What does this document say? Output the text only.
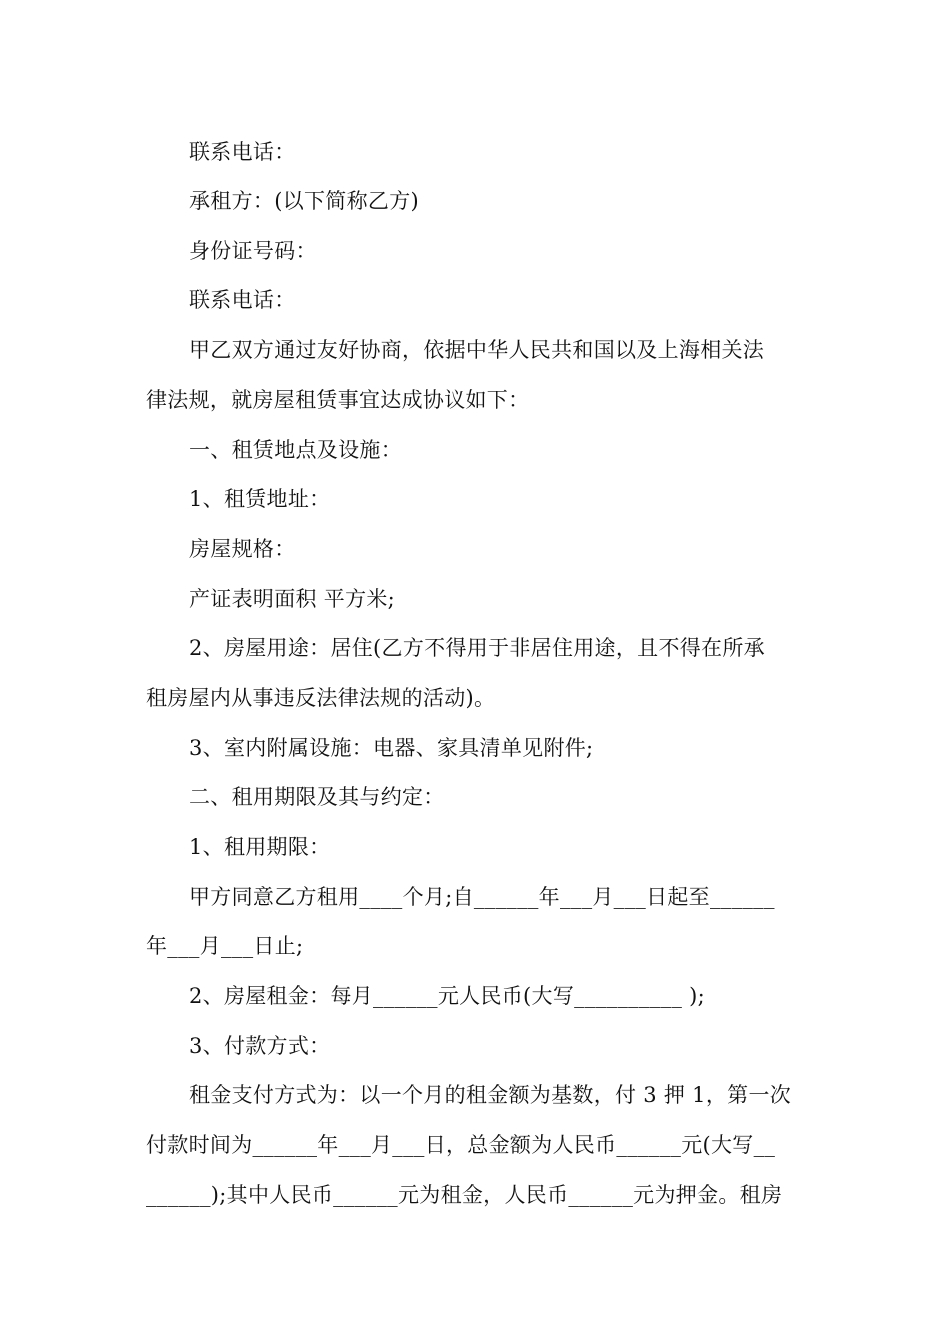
联系电话：
承租方：(以下简称乙方)
身份证号码：
联系电话：
甲乙双方通过友好协商，依据中华人民共和国以及上海相关法
律法规，就房屋租赁事宜达成协议如下：
一、租赁地点及设施：
1、租赁地址：
房屋规格：
产证表明面积 平方米;
2、房屋用途：居住(乙方不得用于非居住用途，且不得在所承
租房屋内从事违反法律法规的活动)。
3、室内附属设施：电器、家具清单见附件;
二、租用期限及其与约定：
1、租用期限：
甲方同意乙方租用____个月;自______年___月___日起至______
年___月___日止;
2、房屋租金：每月______元人民币(大写__________ );
3、付款方式：
租金支付方式为：以一个月的租金额为基数，付 3 押 1，第一次
付款时间为______年___月___日，总金额为人民币______元(大写__
______);其中人民币______元为租金，人民币______元为押金。租房
